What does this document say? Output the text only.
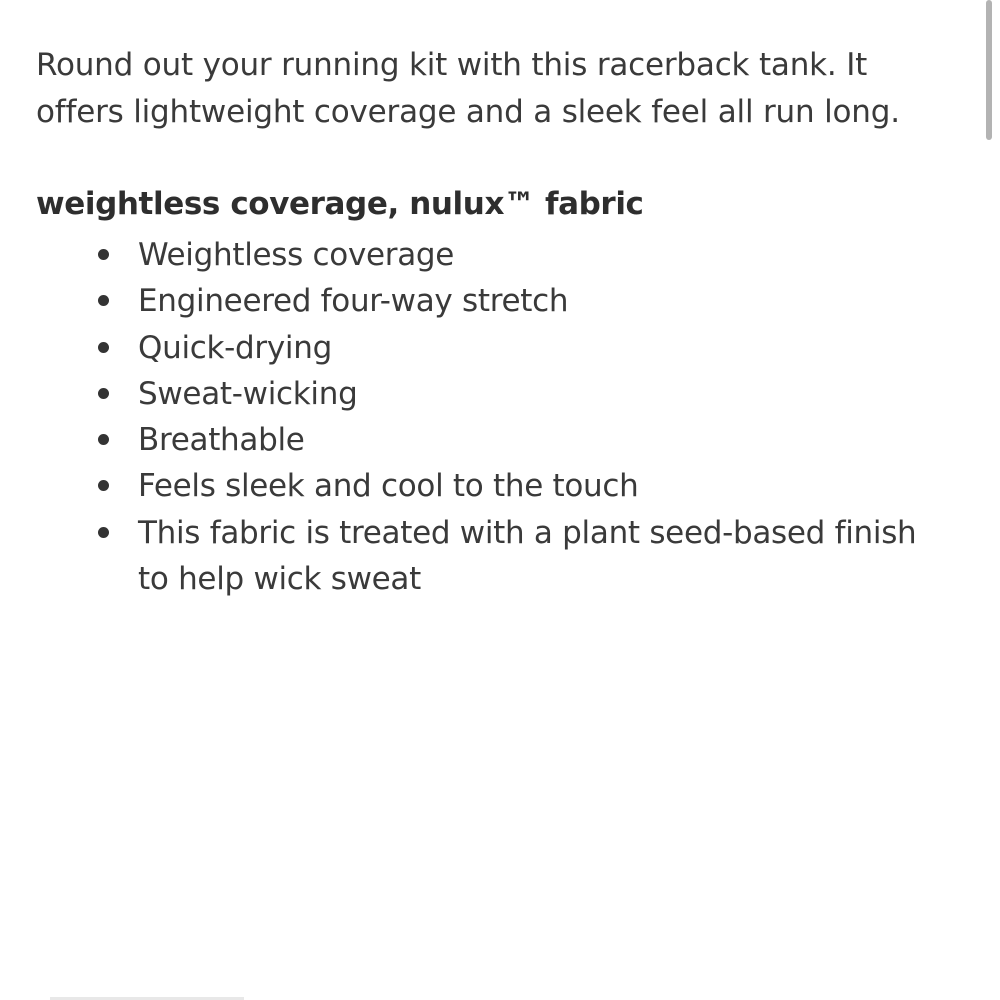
Round out your running kit with this racerback tank. It offers lightweight coverage and a sleek feel all run long.

weightless coverage, nulux™ fabric
Weightless coverage
Engineered four-way stretch
Quick-drying
Sweat-wicking
Breathable
Feels sleek and cool to the touch
This fabric is treated with a plant seed-based finish to help wick sweat
